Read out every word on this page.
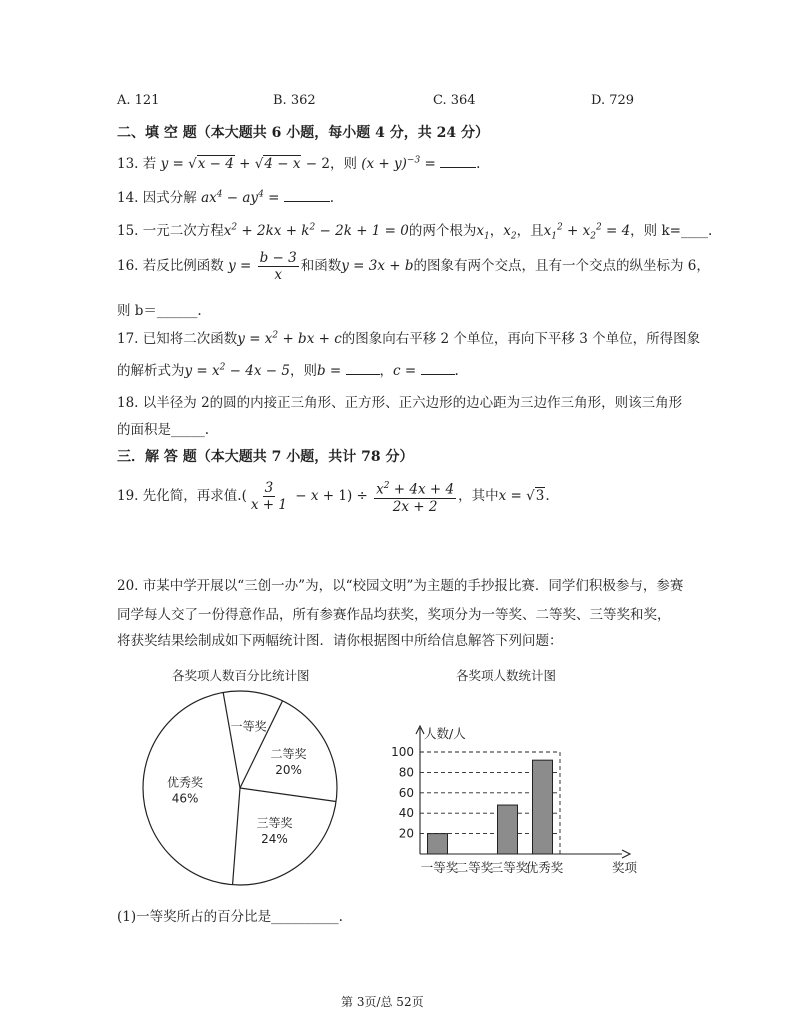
A. 121	B. 362	C. 364	D. 729
二、填 空 题（本大题共 6 小题，每小题 4 分，共 24 分）
13. 若 y = √x − 4 + √4 − x − 2，则 $(x + y)^{-3}$ =	.
14. 因式分解 $ax^4 - ay^4$ =	.
15. 一元二次方程$x^2 + 2kx + k^2 - 2k + 1 = 0$的两个根为$x_1$，$x_2$，且$x_1^2 + x_2^2 = 4$，则 k=____.
16. 若反比例函数 $y = \frac{b - 3}{x}$ 和函数y = 3x + b的图象有两个交点，且有一个交点的纵坐标为 6，
则 b＝______.
17. 已知将二次函数$y = x^2$ + bx + c的图象向右平移 2 个单位，再向下平移 3 个单位，所得图象
的解析式为$y = x^2 - 4x - 5$，则b =	，c =	.
18. 以半径为 2的圆的内接正三角形、正方形、正六边形的边心距为三边作三角形，则该三角形
的面积是_____.
三．解 答 题（本大题共 7 小题，共计 78 分）
19. 先化简，再求值.( $\frac{3}{x + 1} - x + 1) \div \frac{x^2 + 4x + 4}{2x + 2}$ ，其中x = √3.
20. 市某中学开展以“三创一办”为，以“校园文明”为主题的手抄报比赛．同学们积极参与，参赛
同学每人交了一份得意作品，所有参赛作品均获奖，奖项分为一等奖、二等奖、三等奖和奖，
将获奖结果绘制成如下两幅统计图．请你根据图中所给信息解答下列问题：
各奖项人数百分比统计图	各奖项人数统计图
一等奖
二等奖
20%
三等奖
24%
优秀奖
46%
20
40
60
80
100
一等奖
二等奖
三等奖
优秀奖
人数/人
奖项
(1)一等奖所占的百分比是__________.
第 3页/总 52页
